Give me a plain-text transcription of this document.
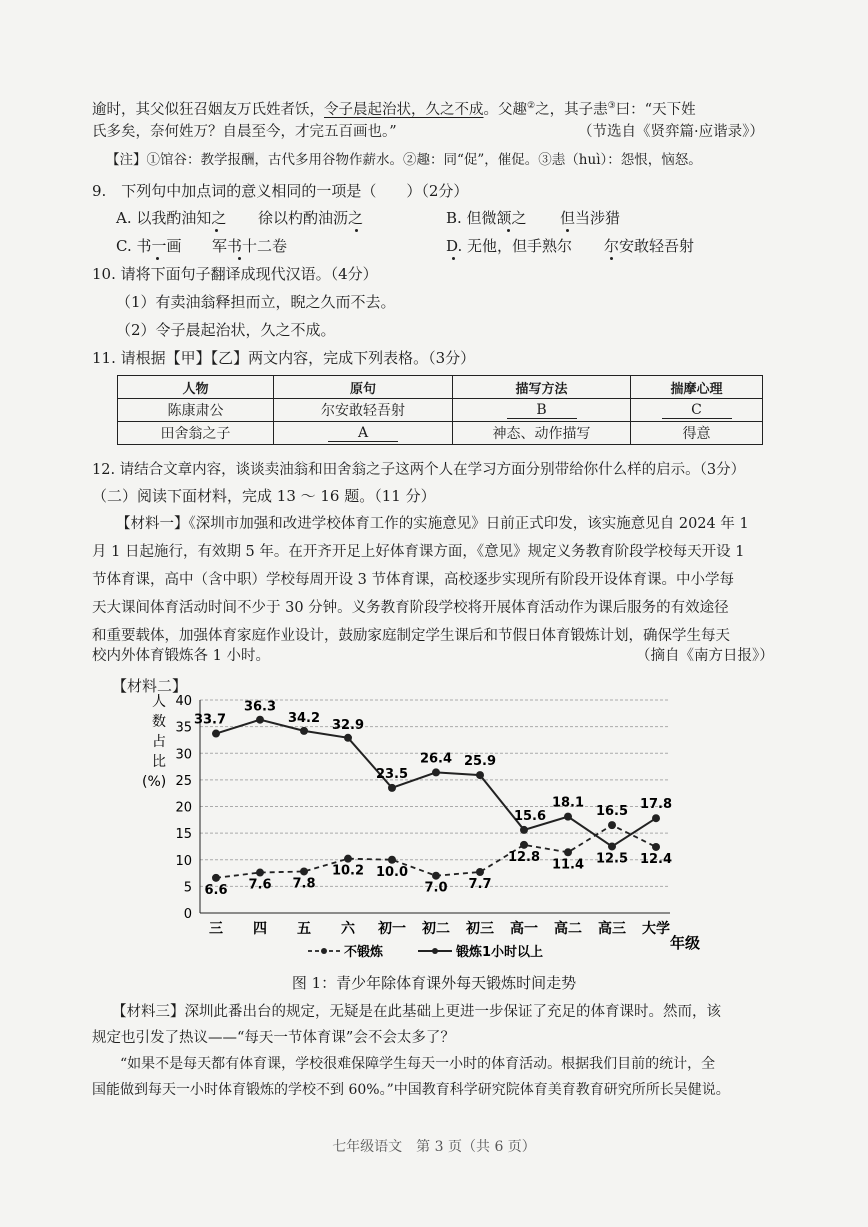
逾时，其父似狂召姻友万氏姓者饫，令子晨起治状，久之不成。父趣②之，其子恚③曰：“天下姓
氏多矣，奈何姓万？自晨至今，才完五百画也。”	（节选自《贤弈篇·应谐录》）
【注】①馆谷：教学报酬，古代多用谷物作薪水。②趣：同“促”，催促。③恚（huì）：怨恨，恼怒。
9.　下列句中加点词的意义相同的一项是（　　）（2分）
A. 以我酌油知之 徐以杓酌油沥之	B. 但微颔之 但当涉猎
C. 书一画 军书十二卷	D. 无他，但手熟尔 尔安敢轻吾射
10. 请将下面句子翻译成现代汉语。（4分）
（1）有卖油翁释担而立，睨之久而不去。
（2）令子晨起治状，久之不成。
11. 请根据【甲】【乙】两文内容，完成下列表格。（3分）
人物	原句	描写方法	揣摩心理
陈康肃公	尔安敢轻吾射	B	C
田舍翁之子	A	神态、动作描写	得意
12. 请结合文章内容，谈谈卖油翁和田舍翁之子这两个人在学习方面分别带给你什么样的启示。（3分）
（二）阅读下面材料，完成 13 ～ 16 题。（11 分）
【材料一】《深圳市加强和改进学校体育工作的实施意见》日前正式印发，该实施意见自 2024 年 1
月 1 日起施行，有效期 5 年。在开齐开足上好体育课方面，《意见》规定义务教育阶段学校每天开设 1
节体育课，高中（含中职）学校每周开设 3 节体育课，高校逐步实现所有阶段开设体育课。中小学每
天大课间体育活动时间不少于 30 分钟。义务教育阶段学校将开展体育活动作为课后服务的有效途径
和重要载体，加强体育家庭作业设计，鼓励家庭制定学生课后和节假日体育锻炼计划，确保学生每天
校内外体育锻炼各 1 小时。	（摘自《南方日报》）
【材料二】
0
5
10
15
20
25
30
35
40
三 四 五 六 初一 初二 初三 高一 高二 高三 大学
33.7
36.3
34.2 32.9
23.5
26.4 25.9
15.6
18.1
12.5
17.8
6.6 7.6 7.8
10.2 10.0
7.0 7.7
12.8 11.4
16.5
12.4
人数占比(%)
年级
不锻炼	锻炼1小时以上
图 1：青少年除体育课外每天锻炼时间走势
【材料三】深圳此番出台的规定，无疑是在此基础上更进一步保证了充足的体育课时。然而，该
规定也引发了热议——“每天一节体育课”会不会太多了？
　　“如果不是每天都有体育课，学校很难保障学生每天一小时的体育活动。根据我们目前的统计，全
国能做到每天一小时体育锻炼的学校不到 60%。”中国教育科学研究院体育美育教育研究所所长吴健说。
七年级语文　第 3 页（共 6 页）
